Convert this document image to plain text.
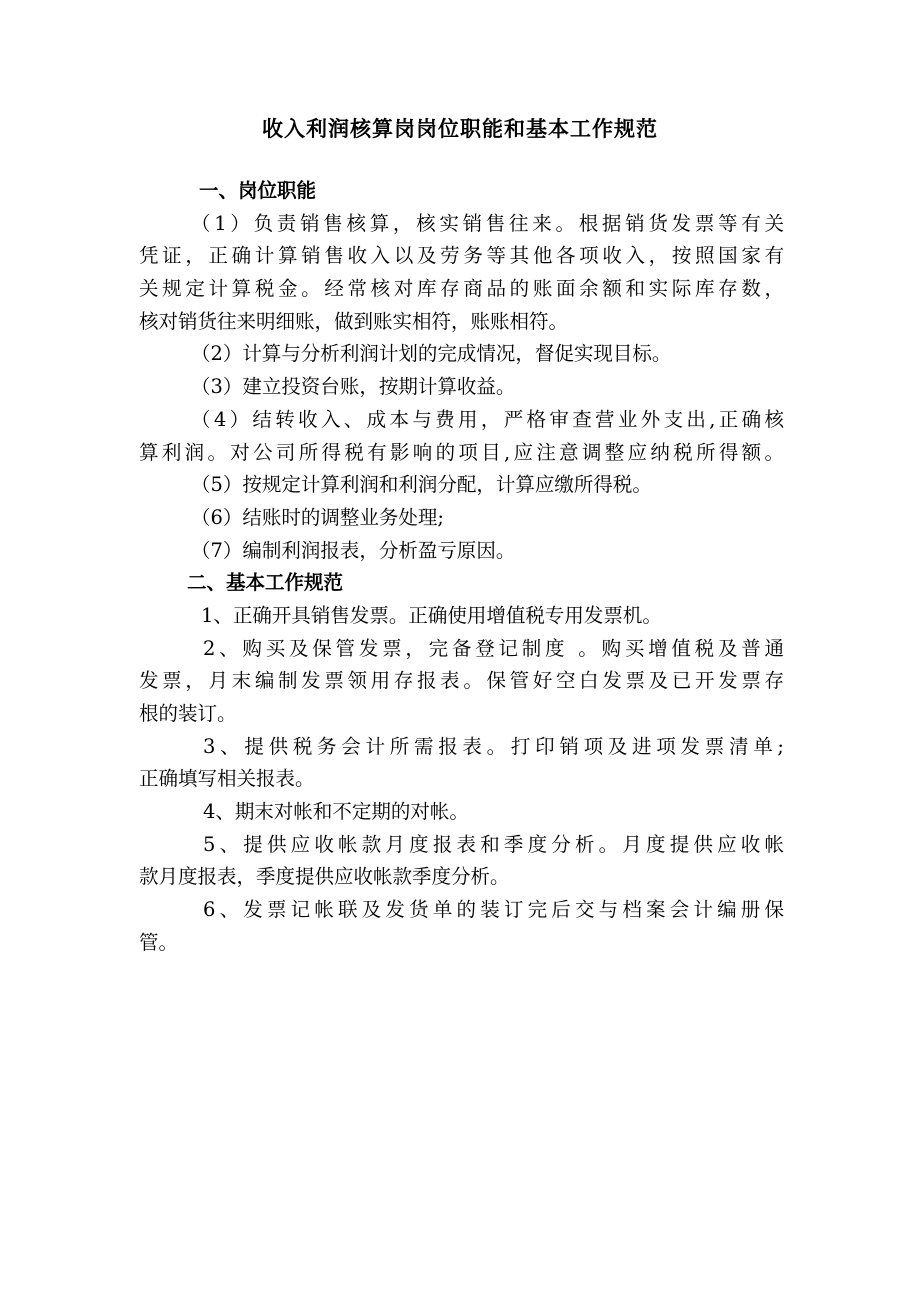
收入利润核算岗岗位职能和基本工作规范
一、岗位职能
（1）负责销售核算，核实销售往来。根据销货发票等有关
凭证，正确计算销售收入以及劳务等其他各项收入，按照国家有
关规定计算税金。经常核对库存商品的账面余额和实际库存数，
核对销货往来明细账，做到账实相符，账账相符。
（2）计算与分析利润计划的完成情况，督促实现目标。
（3）建立投资台账，按期计算收益。
（4）结转收入、成本与费用，严格审查营业外支出,正确核
算利润。对公司所得税有影响的项目,应注意调整应纳税所得额。
（5）按规定计算利润和利润分配，计算应缴所得税。
（6）结账时的调整业务处理;
（7）编制利润报表，分析盈亏原因。
二、基本工作规范
1、正确开具销售发票。正确使用增值税专用发票机。
2、购买及保管发票，完备登记制度 。购买增值税及普通
发票，月末编制发票领用存报表。保管好空白发票及已开发票存
根的装订。
3、提供税务会计所需报表。打印销项及进项发票清单;
正确填写相关报表。
4、期末对帐和不定期的对帐。
5、提供应收帐款月度报表和季度分析。月度提供应收帐
款月度报表，季度提供应收帐款季度分析。
6、发票记帐联及发货单的装订完后交与档案会计编册保
管。
